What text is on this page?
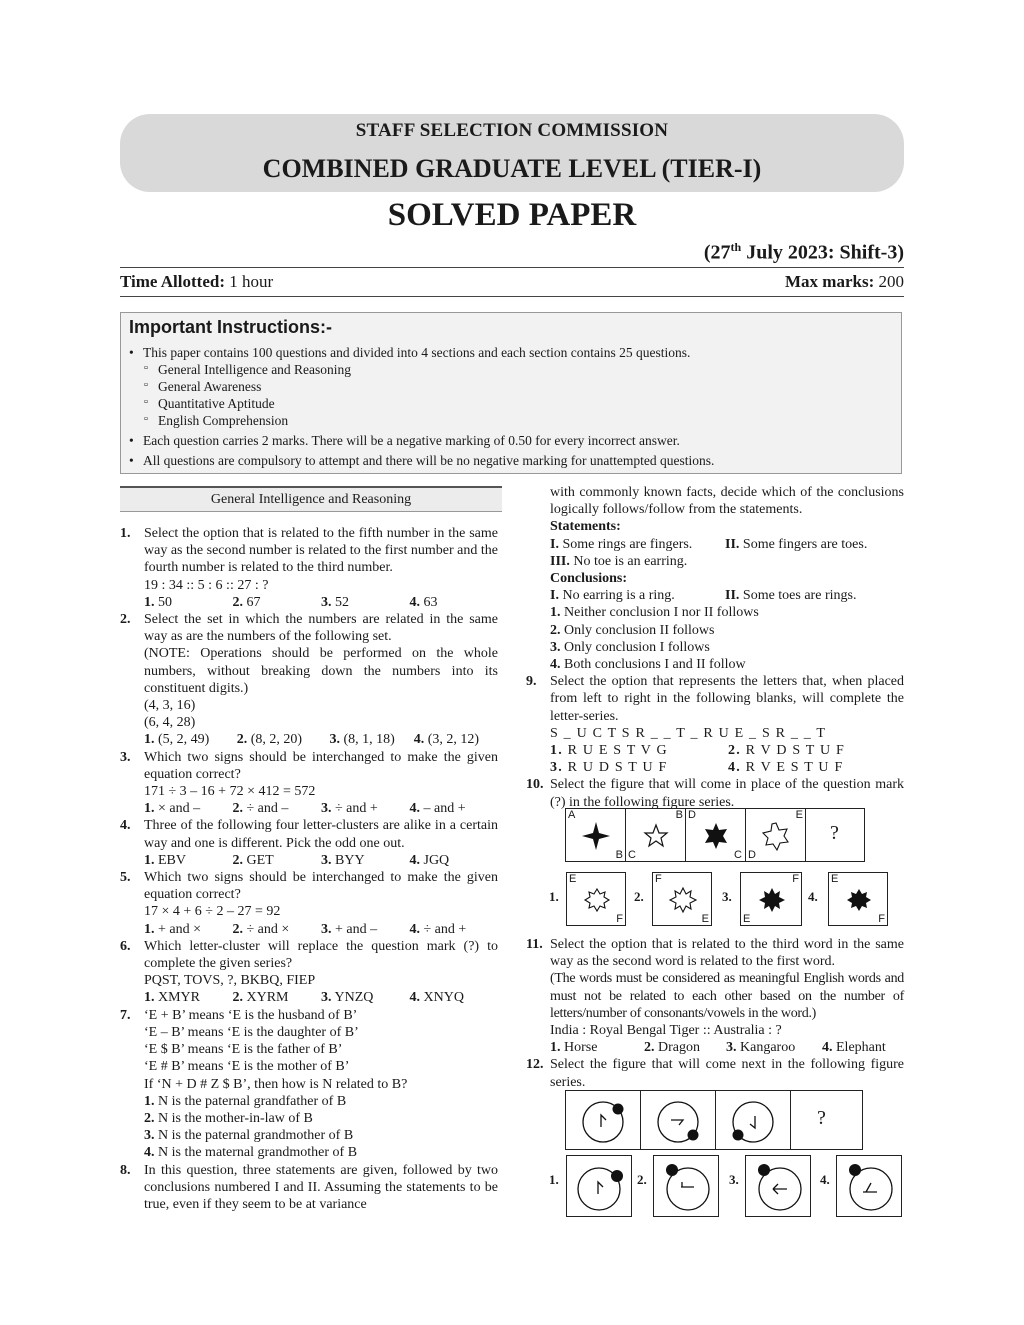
STAFF SELECTION COMMISSION
COMBINED GRADUATE LEVEL (TIER-I)
SOLVED PAPER
(27th July 2023: Shift-3)
Time Allotted: 1 hour	Max marks: 200
Important Instructions:-
• This paper contains 100 questions and divided into 4 sections and each section contains 25 questions.
▫ General Intelligence and Reasoning
▫ General Awareness
▫ Quantitative Aptitude
▫ English Comprehension
• Each question carries 2 marks. There will be a negative marking of 0.50 for every incorrect answer.
• All questions are compulsory to attempt and there will be no negative marking for unattempted questions.
General Intelligence and Reasoning
1. Select the option that is related to the fifth number in the same way as the second number is related to the first number and the fourth number is related to the third number.
19 : 34 :: 5 : 6 :: 27 : ?
1. 50	2. 67	3. 52	4. 63
2. Select the set in which the numbers are related in the same way as are the numbers of the following set.
(NOTE: Operations should be performed on the whole numbers, without breaking down the numbers into its constituent digits.)
(4, 3, 16)
(6, 4, 28)
1. (5, 2, 49)	2. (8, 2, 20)	3. (8, 1, 18)	4. (3, 2, 12)
3. Which two signs should be interchanged to make the given equation correct?
171 ÷ 3 – 16 + 72 × 412 = 572
1. × and –	2. ÷ and –	3. ÷ and +	4. – and +
4. Three of the following four letter-clusters are alike in a certain way and one is different. Pick the odd one out.
1. EBV	2. GET	3. BYY	4. JGQ
5. Which two signs should be interchanged to make the given equation correct?
17 × 4 + 6 ÷ 2 – 27 = 92
1. + and ×	2. ÷ and ×	3. + and –	4. ÷ and +
6. Which letter-cluster will replace the question mark (?) to complete the given series?
PQST, TOVS, ?, BKBQ, FIEP
1. XMYR	2. XYRM	3. YNZQ	4. XNYQ
7. ‘E + B’ means ‘E is the husband of B’
‘E – B’ means ‘E is the daughter of B’
‘E $ B’ means ‘E is the father of B’
‘E # B’ means ‘E is the mother of B’
If ‘N + D # Z $ B’, then how is N related to B?
1. N is the paternal grandfather of B
2. N is the mother-in-law of B
3. N is the paternal grandmother of B
4. N is the maternal grandmother of B
8. In this question, three statements are given, followed by two conclusions numbered I and II. Assuming the statements to be true, even if they seem to be at variance
with commonly known facts, decide which of the conclusions logically follows/follow from the statements.
Statements:
I. Some rings are fingers.	II. Some fingers are toes.
III. No toe is an earring.
Conclusions:
I. No earring is a ring.	II. Some toes are rings.
1. Neither conclusion I nor II follows
2. Only conclusion II follows
3. Only conclusion I follows
4. Both conclusions I and II follow
9. Select the option that represents the letters that, when placed from left to right in the following blanks, will complete the letter-series.
S _ U C T S R _ _ T _ R U E _ S R _ _ T
1. R U E S T V G	2. R V D S T U F
3. R U D S T U F	4. R V E S T U F
10. Select the figure that will come in place of the question mark (?) in the following figure series.
A
B C
B D
C D
E
?
1.
E
F
2.
F
E
3.
F
E
4.
E
F
11. Select the option that is related to the third word in the same way as the second word is related to the first word.
(The words must be considered as meaningful English words and must not be related to each other based on the number of letters/number of consonants/vowels in the word.)
India : Royal Bengal Tiger :: Australia : ?
1. Horse	2. Dragon	3. Kangaroo	4. Elephant
12. Select the figure that will come next in the following figure series.
?
1.	2.	3.	4.
